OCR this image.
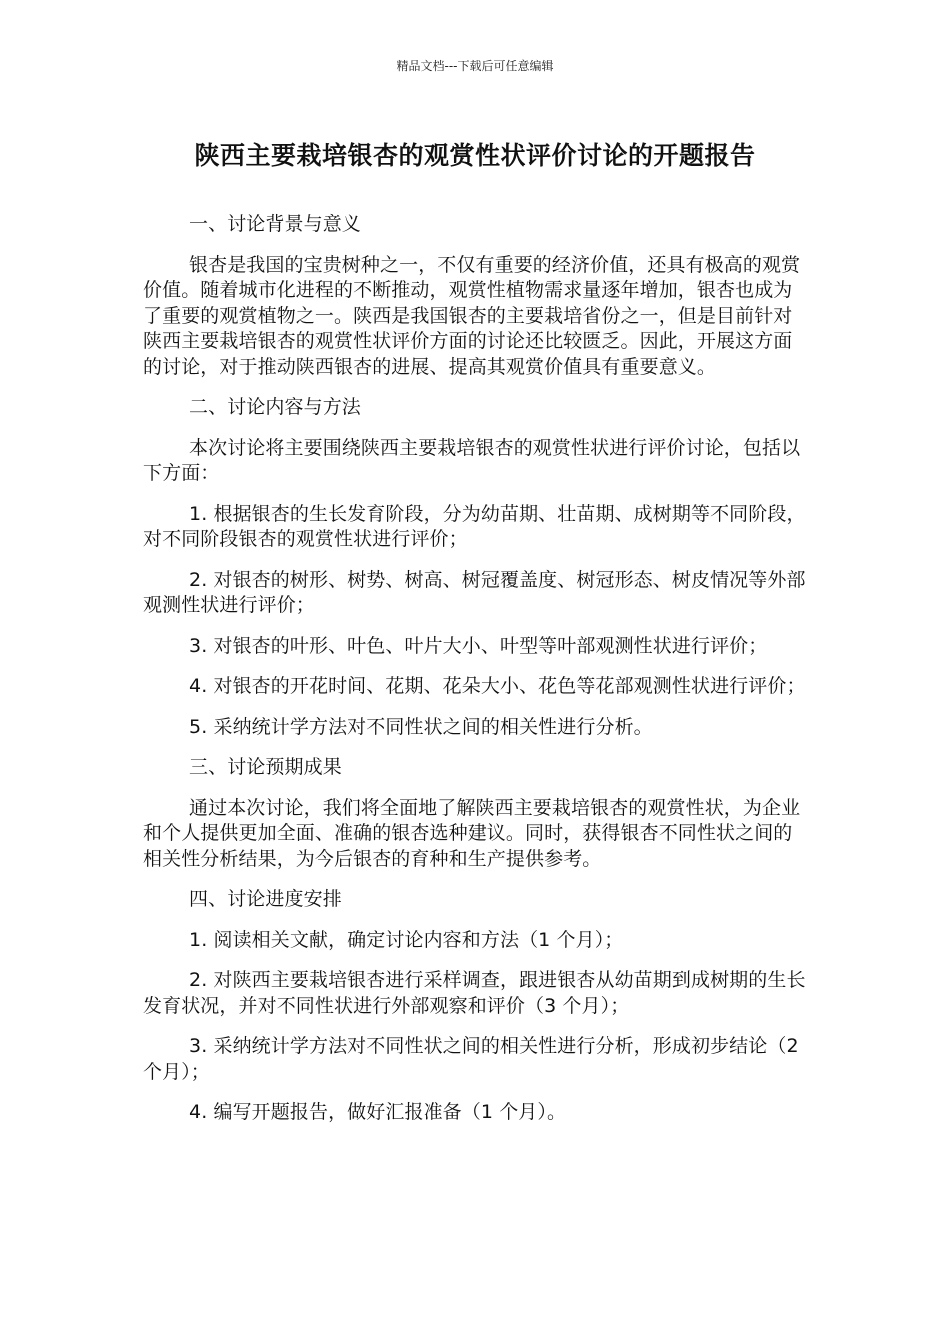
精品文档---下载后可任意编辑
陕西主要栽培银杏的观赏性状评价讨论的开题报告

一、讨论背景与意义

银杏是我国的宝贵树种之一，不仅有重要的经济价值，还具有极高的观赏价值。随着城市化进程的不断推动，观赏性植物需求量逐年增加，银杏也成为了重要的观赏植物之一。陕西是我国银杏的主要栽培省份之一，但是目前针对陕西主要栽培银杏的观赏性状评价方面的讨论还比较匮乏。因此，开展这方面的讨论，对于推动陕西银杏的进展、提高其观赏价值具有重要意义。

二、讨论内容与方法

本次讨论将主要围绕陕西主要栽培银杏的观赏性状进行评价讨论，包括以下方面：

1. 根据银杏的生长发育阶段，分为幼苗期、壮苗期、成树期等不同阶段，对不同阶段银杏的观赏性状进行评价；

2. 对银杏的树形、树势、树高、树冠覆盖度、树冠形态、树皮情况等外部观测性状进行评价；

3. 对银杏的叶形、叶色、叶片大小、叶型等叶部观测性状进行评价；

4. 对银杏的开花时间、花期、花朵大小、花色等花部观测性状进行评价；

5. 采纳统计学方法对不同性状之间的相关性进行分析。

三、讨论预期成果

通过本次讨论，我们将全面地了解陕西主要栽培银杏的观赏性状，为企业和个人提供更加全面、准确的银杏选种建议。同时，获得银杏不同性状之间的相关性分析结果，为今后银杏的育种和生产提供参考。

四、讨论进度安排

1. 阅读相关文献，确定讨论内容和方法（1 个月）；

2. 对陕西主要栽培银杏进行采样调查，跟进银杏从幼苗期到成树期的生长发育状况，并对不同性状进行外部观察和评价（3 个月）；

3. 采纳统计学方法对不同性状之间的相关性进行分析，形成初步结论（2 个月）；

4. 编写开题报告，做好汇报准备（1 个月）。
